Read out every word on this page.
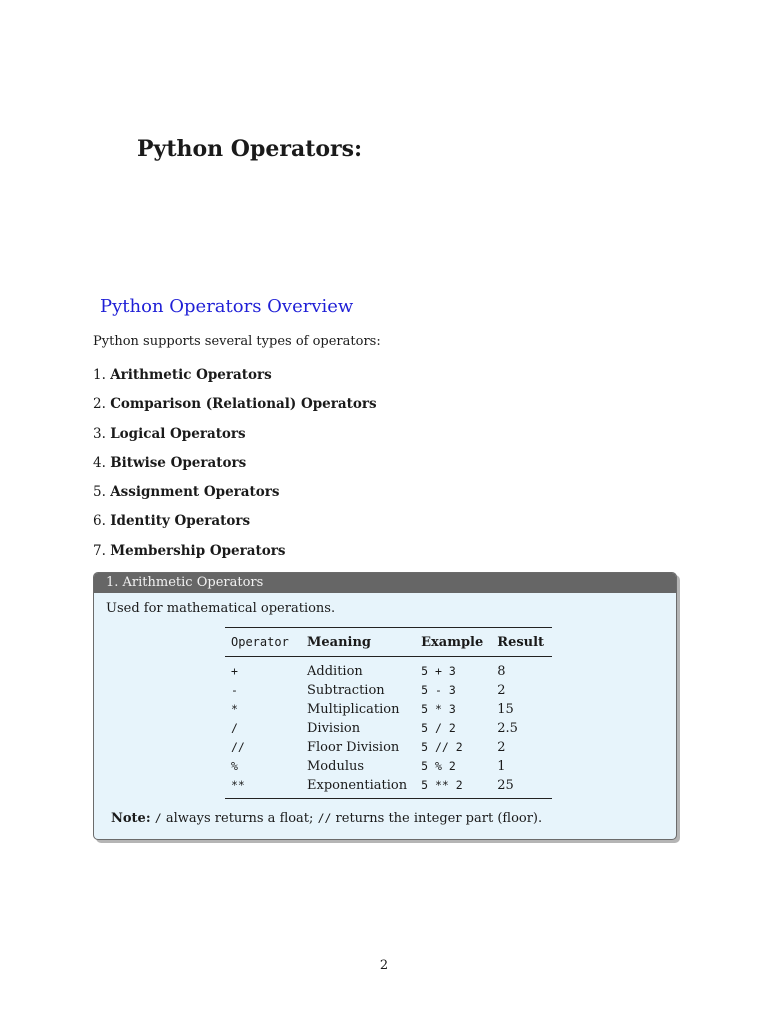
Python Operators:
Python Operators Overview

Python supports several types of operators:

1. Arithmetic Operators
2. Comparison (Relational) Operators
3. Logical Operators
4. Bitwise Operators
5. Assignment Operators
6. Identity Operators
7. Membership Operators
1. Arithmetic Operators

Used for mathematical operations.

Operator	Meaning	Example	Result
+	Addition	5 + 3	8
-	Subtraction	5 - 3	2
*	Multiplication	5 * 3	15
/	Division	5 / 2	2.5
//	Floor Division	5 // 2	2
%	Modulus	5 % 2	1
**	Exponentiation	5 ** 2	25

Note: / always returns a float; // returns the integer part (floor).

2
